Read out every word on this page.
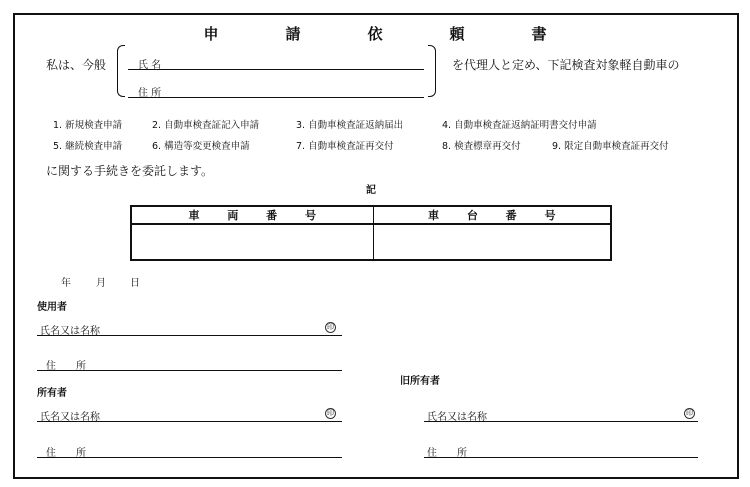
申　請　依　頼　書
私は、今般	氏 名
住 所
を代理人と定め、下記検査対象軽自動車の
1. 新規検査申請	2. 自動車検査証記入申請	3. 自動車検査証返納届出	4. 自動車検査証返納証明書交付申請
5. 継続検査申請	6. 構造等変更検査申請	7. 自動車検査証再交付	8. 検査標章再交付	9. 限定自動車検査証再交付
に関する手続きを委託します。
記
車 両 番 号	車 台 番 号

年	月 日
使用者
氏名又は名称	印
住　　所
所有者
氏名又は名称	印
住　　所
旧所有者
氏名又は名称	印
住　　所
